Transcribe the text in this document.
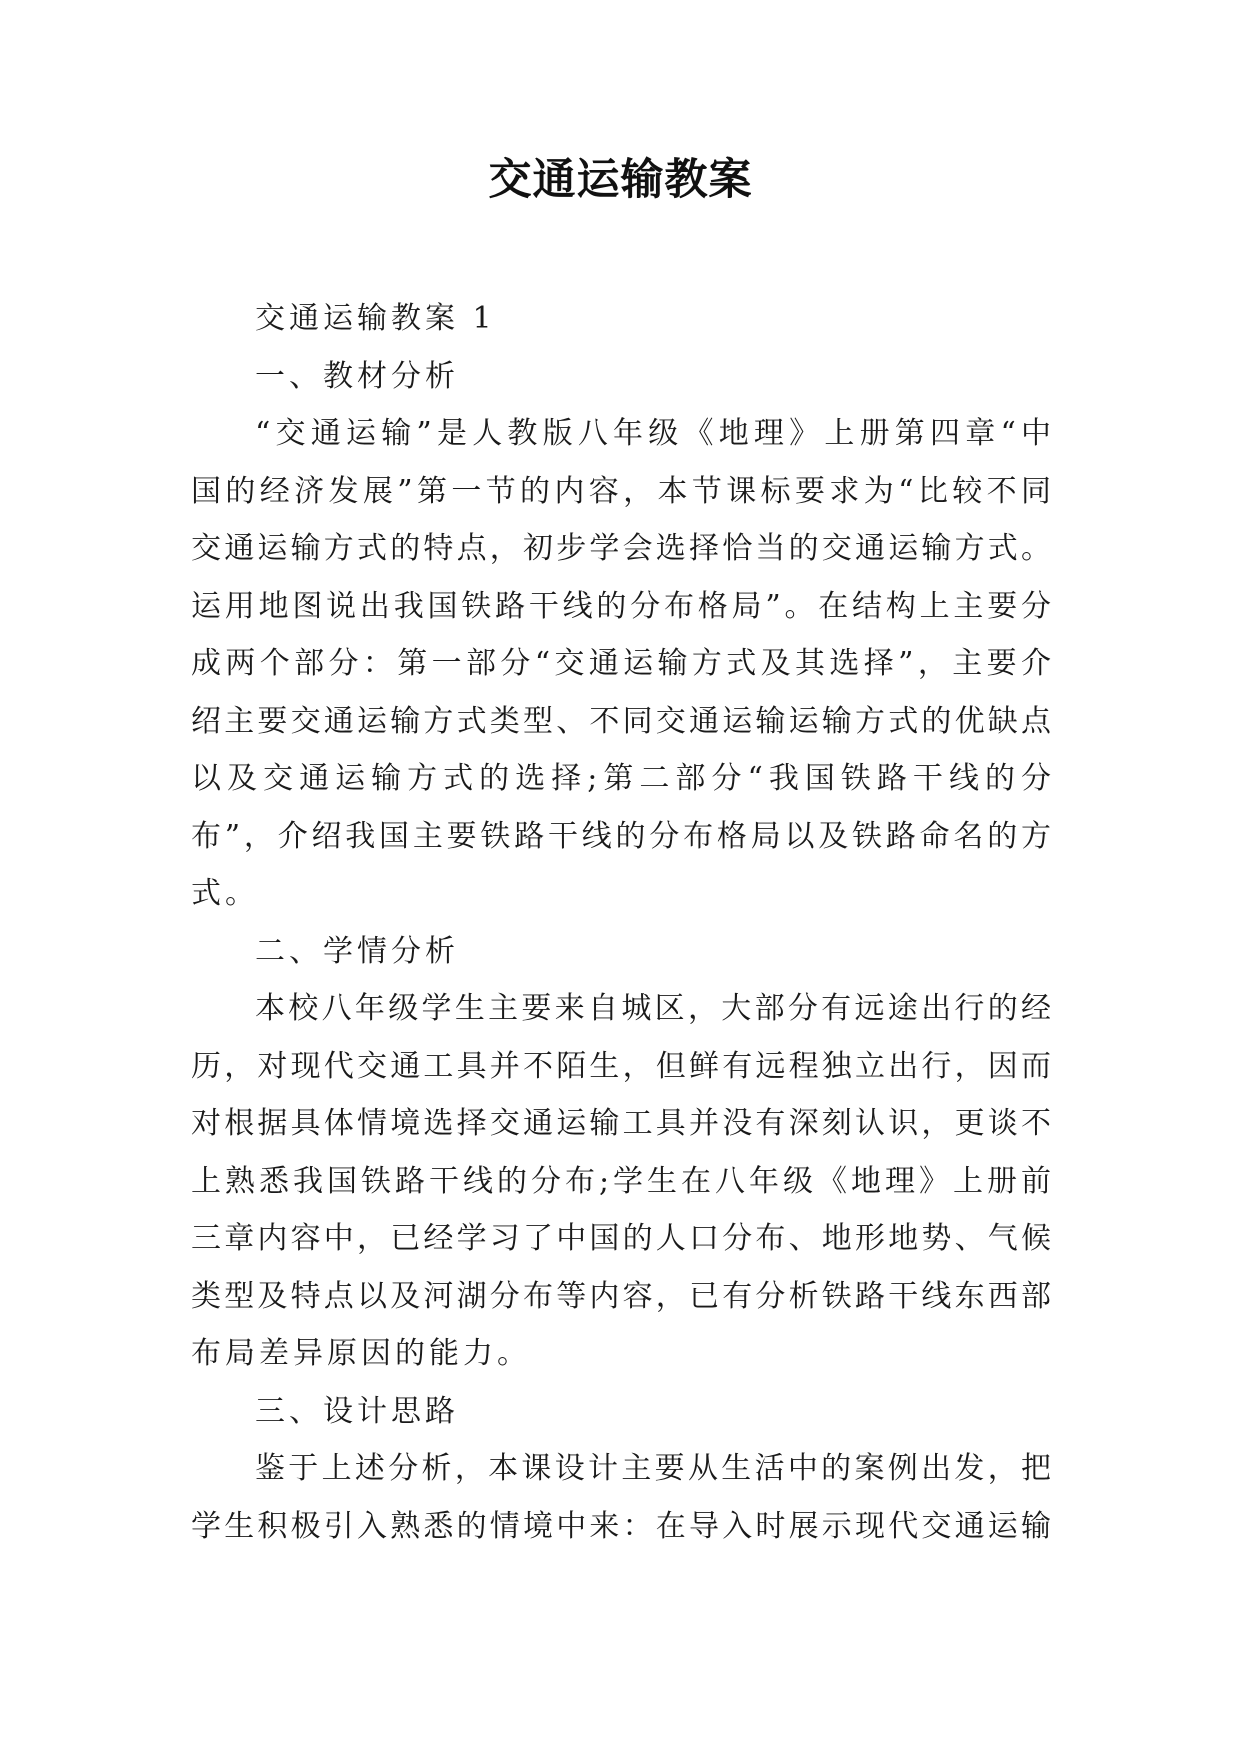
交通运输教案

交通运输教案 1

一、教材分析

“交通运输”是人教版八年级《地理》上册第四章“中

国的经济发展”第一节的内容，本节课标要求为“比较不同

交通运输方式的特点，初步学会选择恰当的交通运输方式。

运用地图说出我国铁路干线的分布格局”。在结构上主要分

成两个部分：第一部分“交通运输方式及其选择”，主要介

绍主要交通运输方式类型、不同交通运输运输方式的优缺点

以及交通运输方式的选择;第二部分“我国铁路干线的分

布”，介绍我国主要铁路干线的分布格局以及铁路命名的方

式。

二、学情分析

本校八年级学生主要来自城区，大部分有远途出行的经

历，对现代交通工具并不陌生，但鲜有远程独立出行，因而

对根据具体情境选择交通运输工具并没有深刻认识，更谈不

上熟悉我国铁路干线的分布;学生在八年级《地理》上册前

三章内容中，已经学习了中国的人口分布、地形地势、气候

类型及特点以及河湖分布等内容，已有分析铁路干线东西部

布局差异原因的能力。

三、设计思路

鉴于上述分析，本课设计主要从生活中的案例出发，把

学生积极引入熟悉的情境中来：在导入时展示现代交通运输
